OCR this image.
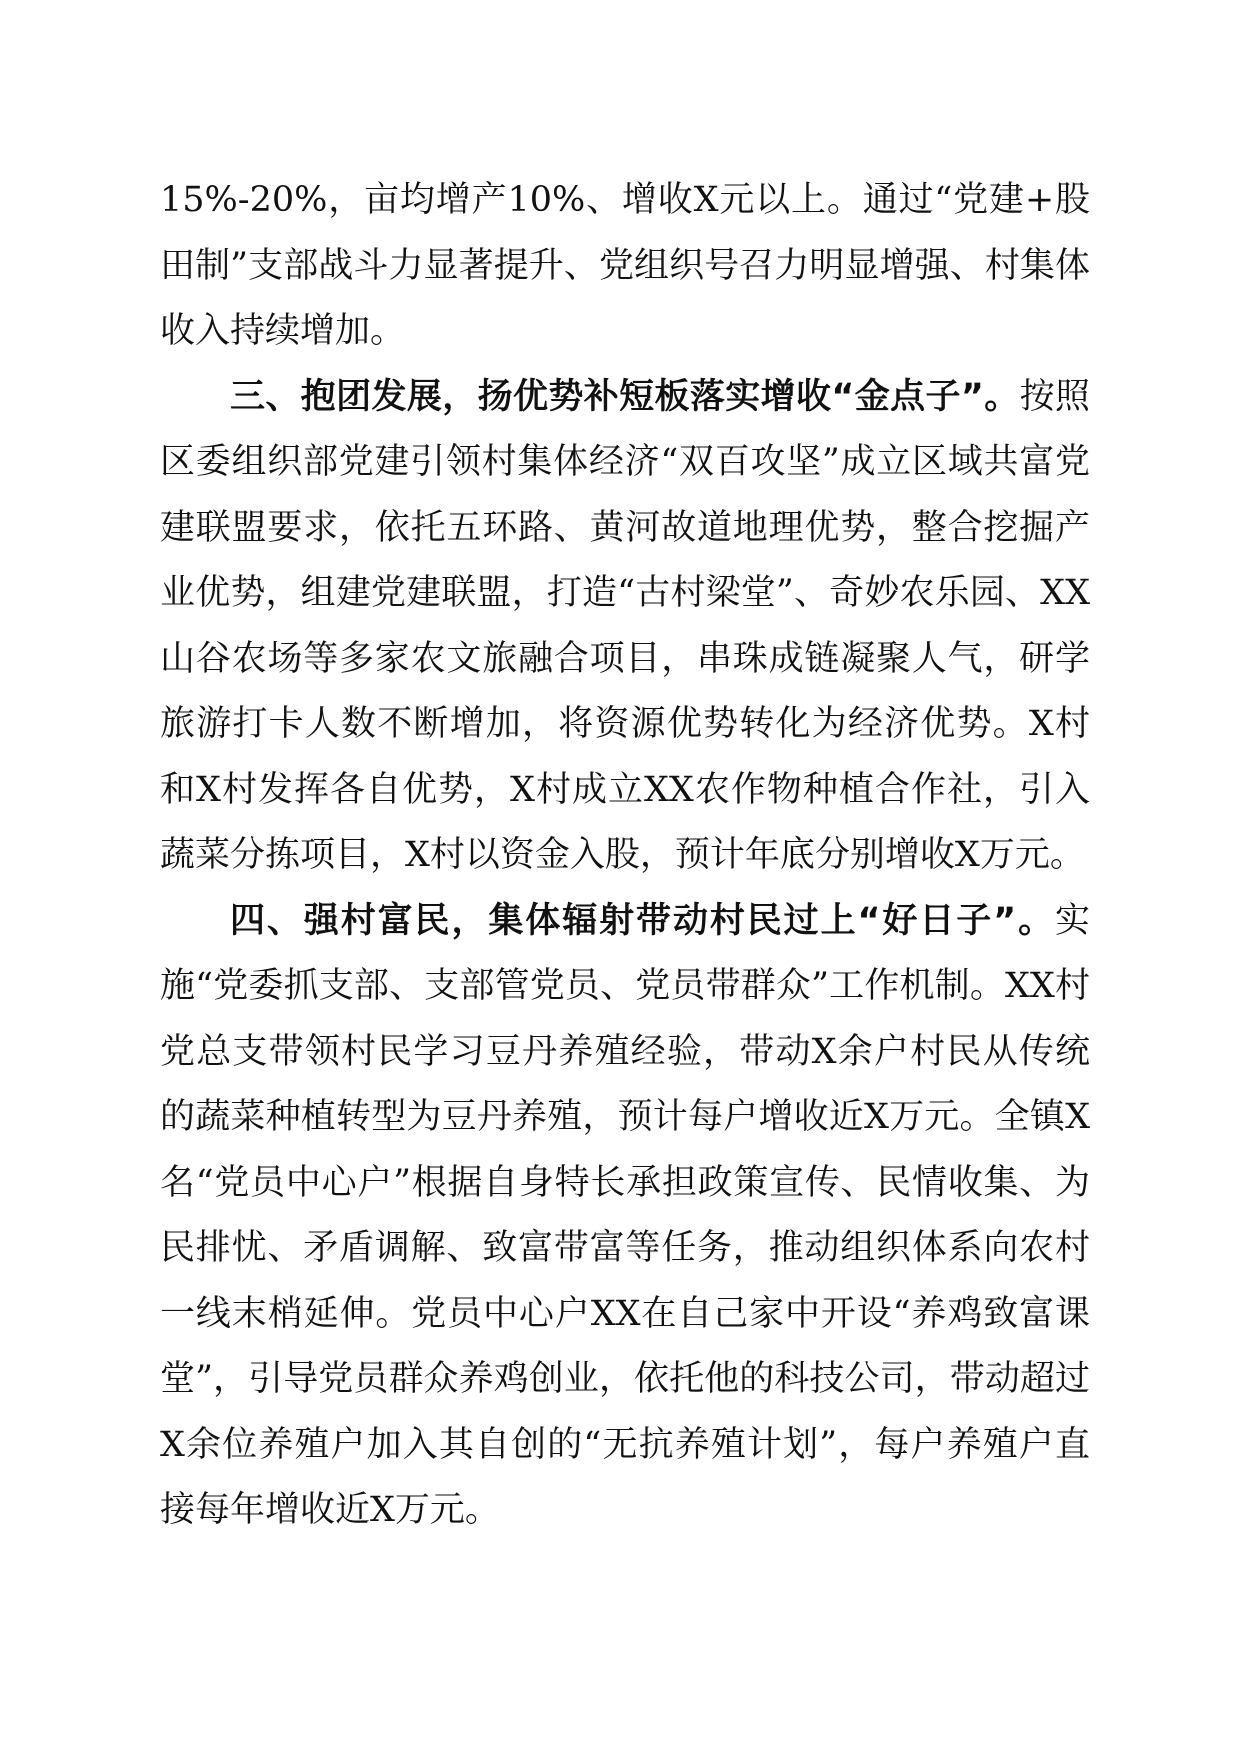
15%-20%，亩均增产10%、增收X元以上。通过“党建+股田制”支部战斗力显著提升、党组织号召力明显增强、村集体收入持续增加。

三、抱团发展，扬优势补短板落实增收“金点子”。按照区委组织部党建引领村集体经济“双百攻坚”成立区域共富党建联盟要求，依托五环路、黄河故道地理优势，整合挖掘产业优势，组建党建联盟，打造“古村梁堂”、奇妙农乐园、XX山谷农场等多家农文旅融合项目，串珠成链凝聚人气，研学旅游打卡人数不断增加，将资源优势转化为经济优势。X村和X村发挥各自优势，X村成立XX农作物种植合作社，引入蔬菜分拣项目，X村以资金入股，预计年底分别增收X万元。

四、强村富民，集体辐射带动村民过上“好日子”。实施“党委抓支部、支部管党员、党员带群众”工作机制。XX村党总支带领村民学习豆丹养殖经验，带动X余户村民从传统的蔬菜种植转型为豆丹养殖，预计每户增收近X万元。全镇X名“党员中心户”根据自身特长承担政策宣传、民情收集、为民排忧、矛盾调解、致富带富等任务，推动组织体系向农村一线末梢延伸。党员中心户XX在自己家中开设“养鸡致富课堂”，引导党员群众养鸡创业，依托他的科技公司，带动超过X余位养殖户加入其自创的“无抗养殖计划”，每户养殖户直接每年增收近X万元。
